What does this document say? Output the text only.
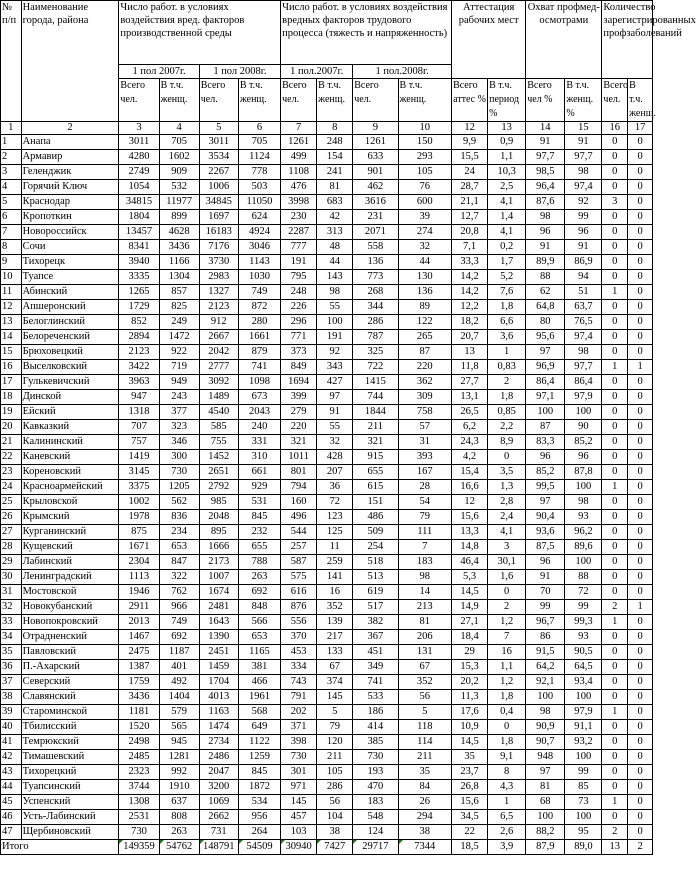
№ п/п	Наименование города, района	Число работ. в условиях воздействия вред. факторов производственной среды				Число работ. в условиях воздействия вредных факторов трудового процесса (тяжесть и напряженность)				Аттестация рабочих мест		Охват профмед-осмотрами		Количество зарегистрированных профзаболеваний	
		1 пол 2007г.		1 пол 2008г.		1 пол.2007г.		1 пол.2008г.							
		Всего чел.	В т.ч. женщ.	Всего чел.	В т.ч. женщ.	Всего чел.	В т.ч. женщ.	Всего чел.	В т.ч. женщ.	Всего аттес %	В т.ч. период %	Всего чел %	В т.ч. женщ. %	Всего чел.	В т.ч. женщ.
1	2	3	4	5	6	7	8	9	10	12	13	14	15	16	17
1	Анапа	3011	705	3011	705	1261	248	1261	150	9,9	0,9	91	91	0	0
2	Армавир	4280	1602	3534	1124	499	154	633	293	15,5	1,1	97,7	97,7	0	0
3	Геленджик	2749	909	2267	778	1108	241	901	105	24	10,3	98,5	98	0	0
4	Горячий Ключ	1054	532	1006	503	476	81	462	76	28,7	2,5	96,4	97,4	0	0
5	Краснодар	34815	11977	34845	11050	3998	683	3616	600	21,1	4,1	87,6	92	3	0
6	Кропоткин	1804	899	1697	624	230	42	231	39	12,7	1,4	98	99	0	0
7	Новороссийск	13457	4628	16183	4924	2287	313	2071	274	20,8	4,1	96	96	0	0
8	Сочи	8341	3436	7176	3046	777	48	558	32	7,1	0,2	91	91	0	0
9	Тихорецк	3940	1166	3730	1143	191	44	136	44	33,3	1,7	89,9	86,9	0	0
10	Туапсе	3335	1304	2983	1030	795	143	773	130	14,2	5,2	88	94	0	0
11	Абинский	1265	857	1327	749	248	98	268	136	14,2	7,6	62	51	1	0
12	Апшеронский	1729	825	2123	872	226	55	344	89	12,2	1,8	64,8	63,7	0	0
13	Белоглинский	852	249	912	280	296	100	286	122	18,2	6,6	80	76,5	0	0
14	Белореченский	2894	1472	2667	1661	771	191	787	265	20,7	3,6	95,6	97,4	0	0
15	Брюховецкий	2123	922	2042	879	373	92	325	87	13	1	97	98	0	0
16	Выселковский	3422	719	2777	741	849	343	722	220	11,8	0,83	96,9	97,7	1	1
17	Гулькевичский	3963	949	3092	1098	1694	427	1415	362	27,7	2	86,4	86,4	0	0
18	Динской	947	243	1489	673	399	97	744	309	13,1	1,8	97,1	97,9	0	0
19	Ейский	1318	377	4540	2043	279	91	1844	758	26,5	0,85	100	100	0	0
20	Кавказкий	707	323	585	240	220	55	211	57	6,2	2,2	87	90	0	0
21	Калининский	757	346	755	331	321	32	321	31	24,3	8,9	83,3	85,2	0	0
22	Каневский	1419	300	1452	310	1011	428	915	393	4,2	0	96	96	0	0
23	Кореновский	3145	730	2651	661	801	207	655	167	15,4	3,5	85,2	87,8	0	0
24	Красноармейский	3375	1205	2792	929	794	36	615	28	16,6	1,3	99,5	100	1	0
25	Крыловской	1002	562	985	531	160	72	151	54	12	2,8	97	98	0	0
26	Крымский	1978	836	2048	845	496	123	486	79	15,6	2,4	90,4	93	0	0
27	Курганинский	875	234	895	232	544	125	509	111	13,3	4,1	93,6	96,2	0	0
28	Кущевский	1671	653	1666	655	257	11	254	7	14,8	3	87,5	89,6	0	0
29	Лабинский	2304	847	2173	788	587	259	518	183	46,4	30,1	96	100	0	0
30	Ленинградский	1113	322	1007	263	575	141	513	98	5,3	1,6	91	88	0	0
31	Мостовской	1946	762	1674	692	616	16	619	14	14,5	0	70	72	0	0
32	Новокубанский	2911	966	2481	848	876	352	517	213	14,9	2	99	99	2	1
33	Новопокровский	2013	749	1643	566	556	139	382	81	27,1	1,2	96,7	99,3	1	0
34	Отрадненский	1467	692	1390	653	370	217	367	206	18,4	7	86	93	0	0
35	Павловский	2475	1187	2451	1165	453	133	451	131	29	16	91,5	90,5	0	0
36	П.-Ахарский	1387	401	1459	381	334	67	349	67	15,3	1,1	64,2	64,5	0	0
37	Северский	1759	492	1704	466	743	374	741	352	20,2	1,2	92,1	93,4	0	0
38	Славянский	3436	1404	4013	1961	791	145	533	56	11,3	1,8	100	100	0	0
39	Староминской	1181	579	1163	568	202	5	186	5	17,6	0,4	98	97,9	1	0
40	Тбилисский	1520	565	1474	649	371	79	414	118	10,9	0	90,9	91,1	0	0
41	Темрюкский	2498	945	2734	1122	398	120	385	114	14,5	1,8	90,7	93,2	0	0
42	Тимашевский	2485	1281	2486	1259	730	211	730	211	35	9,1	948	100	0	0
43	Тихорецкий	2323	992	2047	845	301	105	193	35	23,7	8	97	99	0	0
44	Туапсинский	3744	1910	3200	1872	971	286	470	84	26,8	4,3	81	85	0	0
45	Успенский	1308	637	1069	534	145	56	183	26	15,6	1	68	73	1	0
46	Усть-Лабинский	2531	808	2662	956	457	104	548	294	34,5	6,5	100	100	0	0
47	Щербиновский	730	263	731	264	103	38	124	38	22	2,6	88,2	95	2	0
Итого		149359	54762	148791	54509	30940	7427	29717	7344	18,5	3,9	87,9	89,0	13	2
